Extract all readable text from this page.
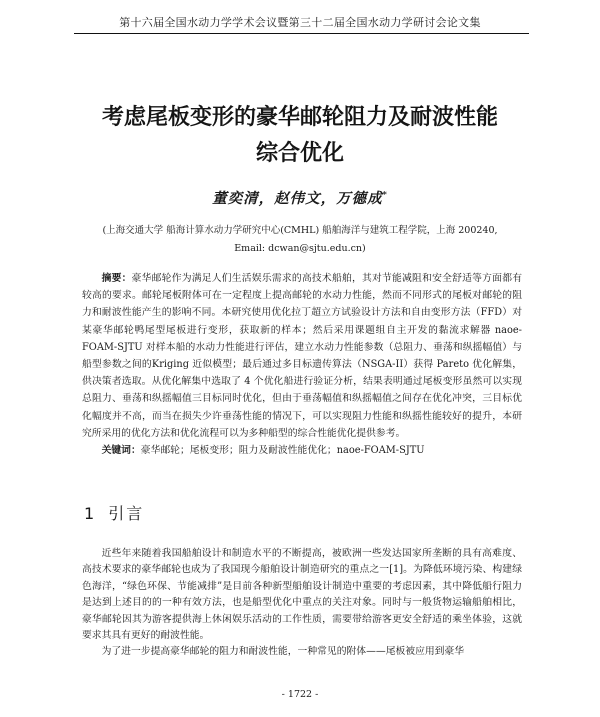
第十六届全国水动力学学术会议暨第三十二届全国水动力学研讨会论文集
考虑尾板变形的豪华邮轮阻力及耐波性能
综合优化
董奕清，赵伟文，万德成*
(上海交通大学 船海计算水动力学研究中心(CMHL) 船舶海洋与建筑工程学院，上海 200240,
Email: dcwan@sjtu.edu.cn)

摘要：豪华邮轮作为满足人们生活娱乐需求的高技术船舶，其对节能减阻和安全舒适等方面都有较高的要求。邮轮尾板附体可在一定程度上提高邮轮的水动力性能，然而不同形式的尾板对邮轮的阻力和耐波性能产生的影响不同。本研究使用优化拉丁超立方试验设计方法和自由变形方法（FFD）对某豪华邮轮鸭尾型尾板进行变形，获取新的样本；然后采用课题组自主开发的黏流求解器 naoe-FOAM-SJTU 对样本船的水动力性能进行评估，建立水动力性能参数（总阻力、垂荡和纵摇幅值）与船型参数之间的Kriging 近似模型；最后通过多目标遗传算法（NSGA-II）获得 Pareto 优化解集，供决策者选取。从优化解集中选取了 4 个优化船进行验证分析，结果表明通过尾板变形虽然可以实现总阻力、垂荡和纵摇幅值三目标同时优化，但由于垂荡幅值和纵摇幅值之间存在优化冲突，三目标优化幅度并不高，而当在损失少许垂荡性能的情况下，可以实现阻力性能和纵摇性能较好的提升，本研究所采用的优化方法和优化流程可以为多种船型的综合性能优化提供参考。

关键词：豪华邮轮；尾板变形；阻力及耐波性能优化；naoe-FOAM-SJTU

1 引言

近些年来随着我国船舶设计和制造水平的不断提高，被欧洲一些发达国家所垄断的具有高难度、高技术要求的豪华邮轮也成为了我国现今船舶设计制造研究的重点之一[1]。为降低环境污染、构建绿色海洋，“绿色环保、节能减排”是目前各种新型船舶设计制造中重要的考虑因素，其中降低船行阻力是达到上述目的的一种有效方法，也是船型优化中重点的关注对象。同时与一般货物运输船舶相比，豪华邮轮因其为游客提供海上休闲娱乐活动的工作性质，需要带给游客更安全舒适的乘坐体验，这就要求其具有更好的耐波性能。

为了进一步提高豪华邮轮的阻力和耐波性能，一种常见的附体——尾板被应用到豪华

- 1722 -
